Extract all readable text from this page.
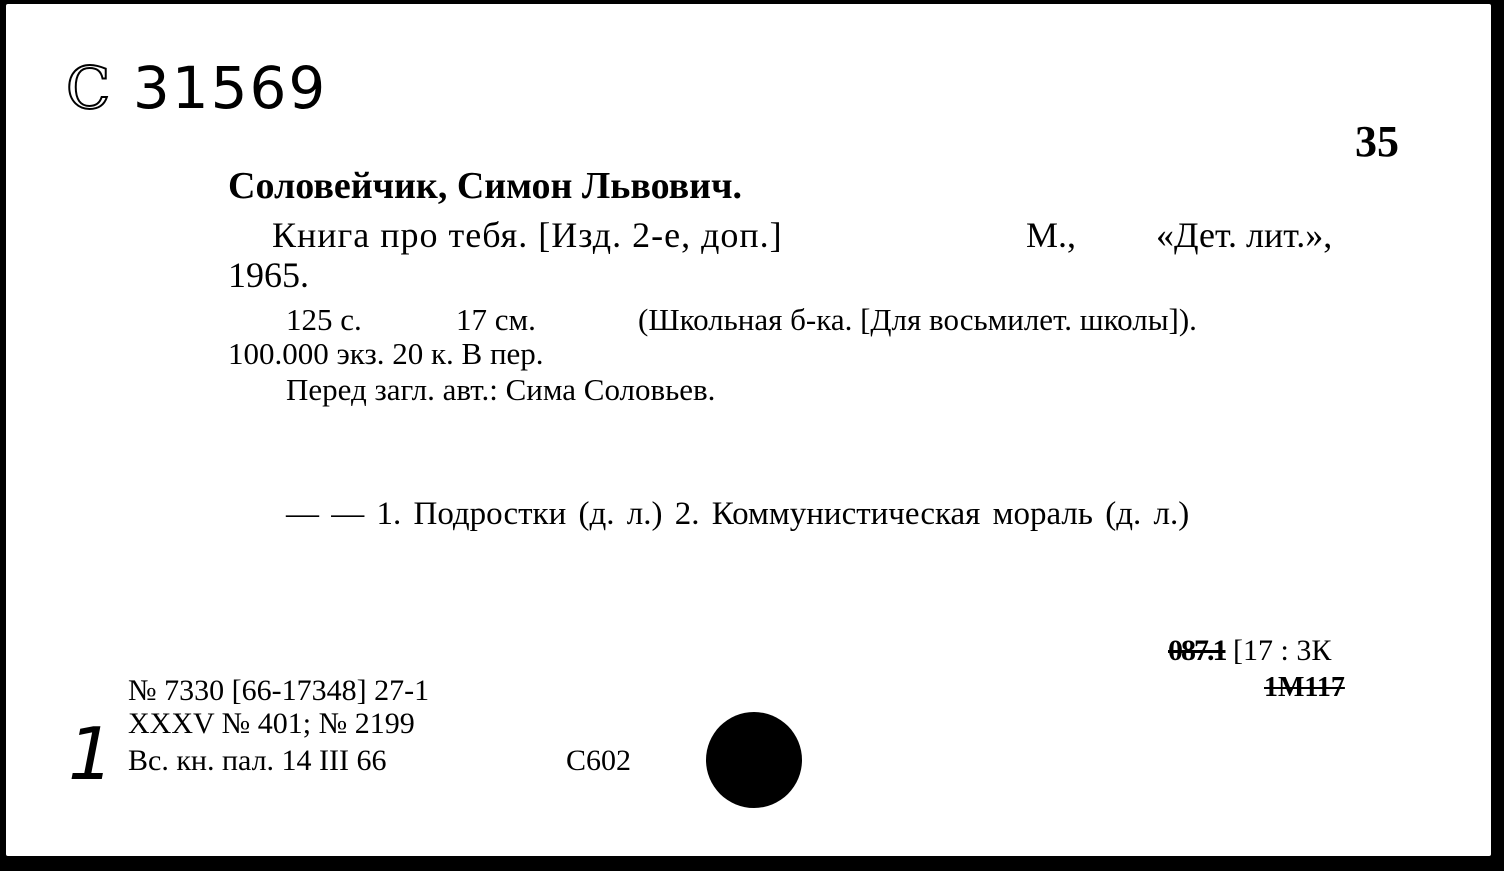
C 31569
35
Соловейчик, Симон Львович.
Книга про тебя. [Изд. 2-е, доп.]	М., «Дет. лит.»,
1965.
125 с.	17 см.	(Школьная б-ка. [Для восьмилет. школы]).
100.000 экз. 20 к. В пер.
Перед загл. авт.: Сима Соловьев.
— — 1. Подростки (д. л.) 2. Коммунистическая мораль (д. л.)
087.1 [17 : 3К
1М117
1
№ 7330 [66-17348] 27-1
XXXV № 401; № 2199
Вс. кн. пал. 14 III 66	С602
